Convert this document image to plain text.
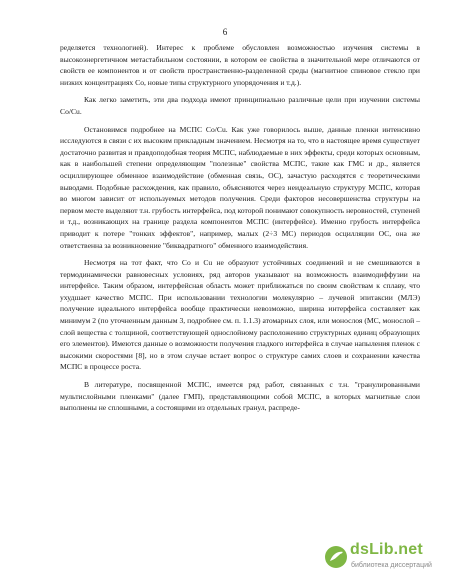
6

ределяется технологией). Интерес к проблеме обусловлен возможностью изучения системы в высокоэнергетичном метастабильном состоянии, в котором ее свойства в значительной мере отличаются от свойств ее компонентов и от свойств пространственно-разделенной среды (магнитное спиновое стекло при низких концентрациях Со, новые типы структурного упорядочения и т.д.).

Как легко заметить, эти два подхода имеют принципиально различные цели при изучении системы Co/Cu.

Остановимся подробнее на МСПС Co/Cu. Как уже говорилось выше, данные пленки интенсивно исследуются в связи с их высоким прикладным значением. Несмотря на то, что в настоящее время существует достаточно развитая и правдоподобная теория МСПС, наблюдаемые в них эффекты, среди которых основным, как в наибольшей степени определяющим "полезные" свойства МСПС, такие как ГМС и др., является осциллирующее обменное взаимодействие (обменная связь, ОС), зачастую расходятся с теоретическими выводами. Подобные расхождения, как правило, объясняются через неидеальную структуру МСПС, которая во многом зависит от используемых методов получения. Среди факторов несовершенства структуры на первом месте выделяют т.н. грубость интерфейса, под которой понимают совокупность неровностей, ступеней и т.д., возникающих на границе раздела компонентов МСПС (интерфейсе). Именно грубость интерфейса приводит к потере "тонких эффектов", например, малых (2÷3 МС) периодов осцилляции ОС, она же ответственна за возникновение "биквадратного" обменного взаимодействия.

Несмотря на тот факт, что Со и Cu не образуют устойчивых соединений и не смешиваются в термодинамически равновесных условиях, ряд авторов указывают на возможность взаимодиффузии на интерфейсе. Таким образом, интерфейсная область может приближаться по своим свойствам к сплаву, что ухудшает качество МСПС. При использовании технологии молекулярно – лучевой эпитаксии (МЛЭ) получение идеального интерфейса вообще практически невозможно, ширина интерфейса составляет как минимум 2 (по уточненным данным 3, подробнее см. п. 1.1.3) атомарных слоя, или монослоя (МС, монослой – слой вещества с толщиной, соответствующей однослойному расположению структурных единиц образующих его элементов). Имеются данные о возможности получения гладкого интерфейса в случае напыления пленок с высокими скоростями [8], но в этом случае встает вопрос о структуре самих слоев и сохранении качества МСПС в процессе роста.

В литературе, посвященной МСПС, имеется ряд работ, связанных с т.н. "гранулированными мультислойными пленками" (далее ГМП), представляющими собой МСПС, в которых магнитные слои выполнены не сплошными, а состоящими из отдельных гранул, распреде-

dsLib.net
библиотека диссертаций
